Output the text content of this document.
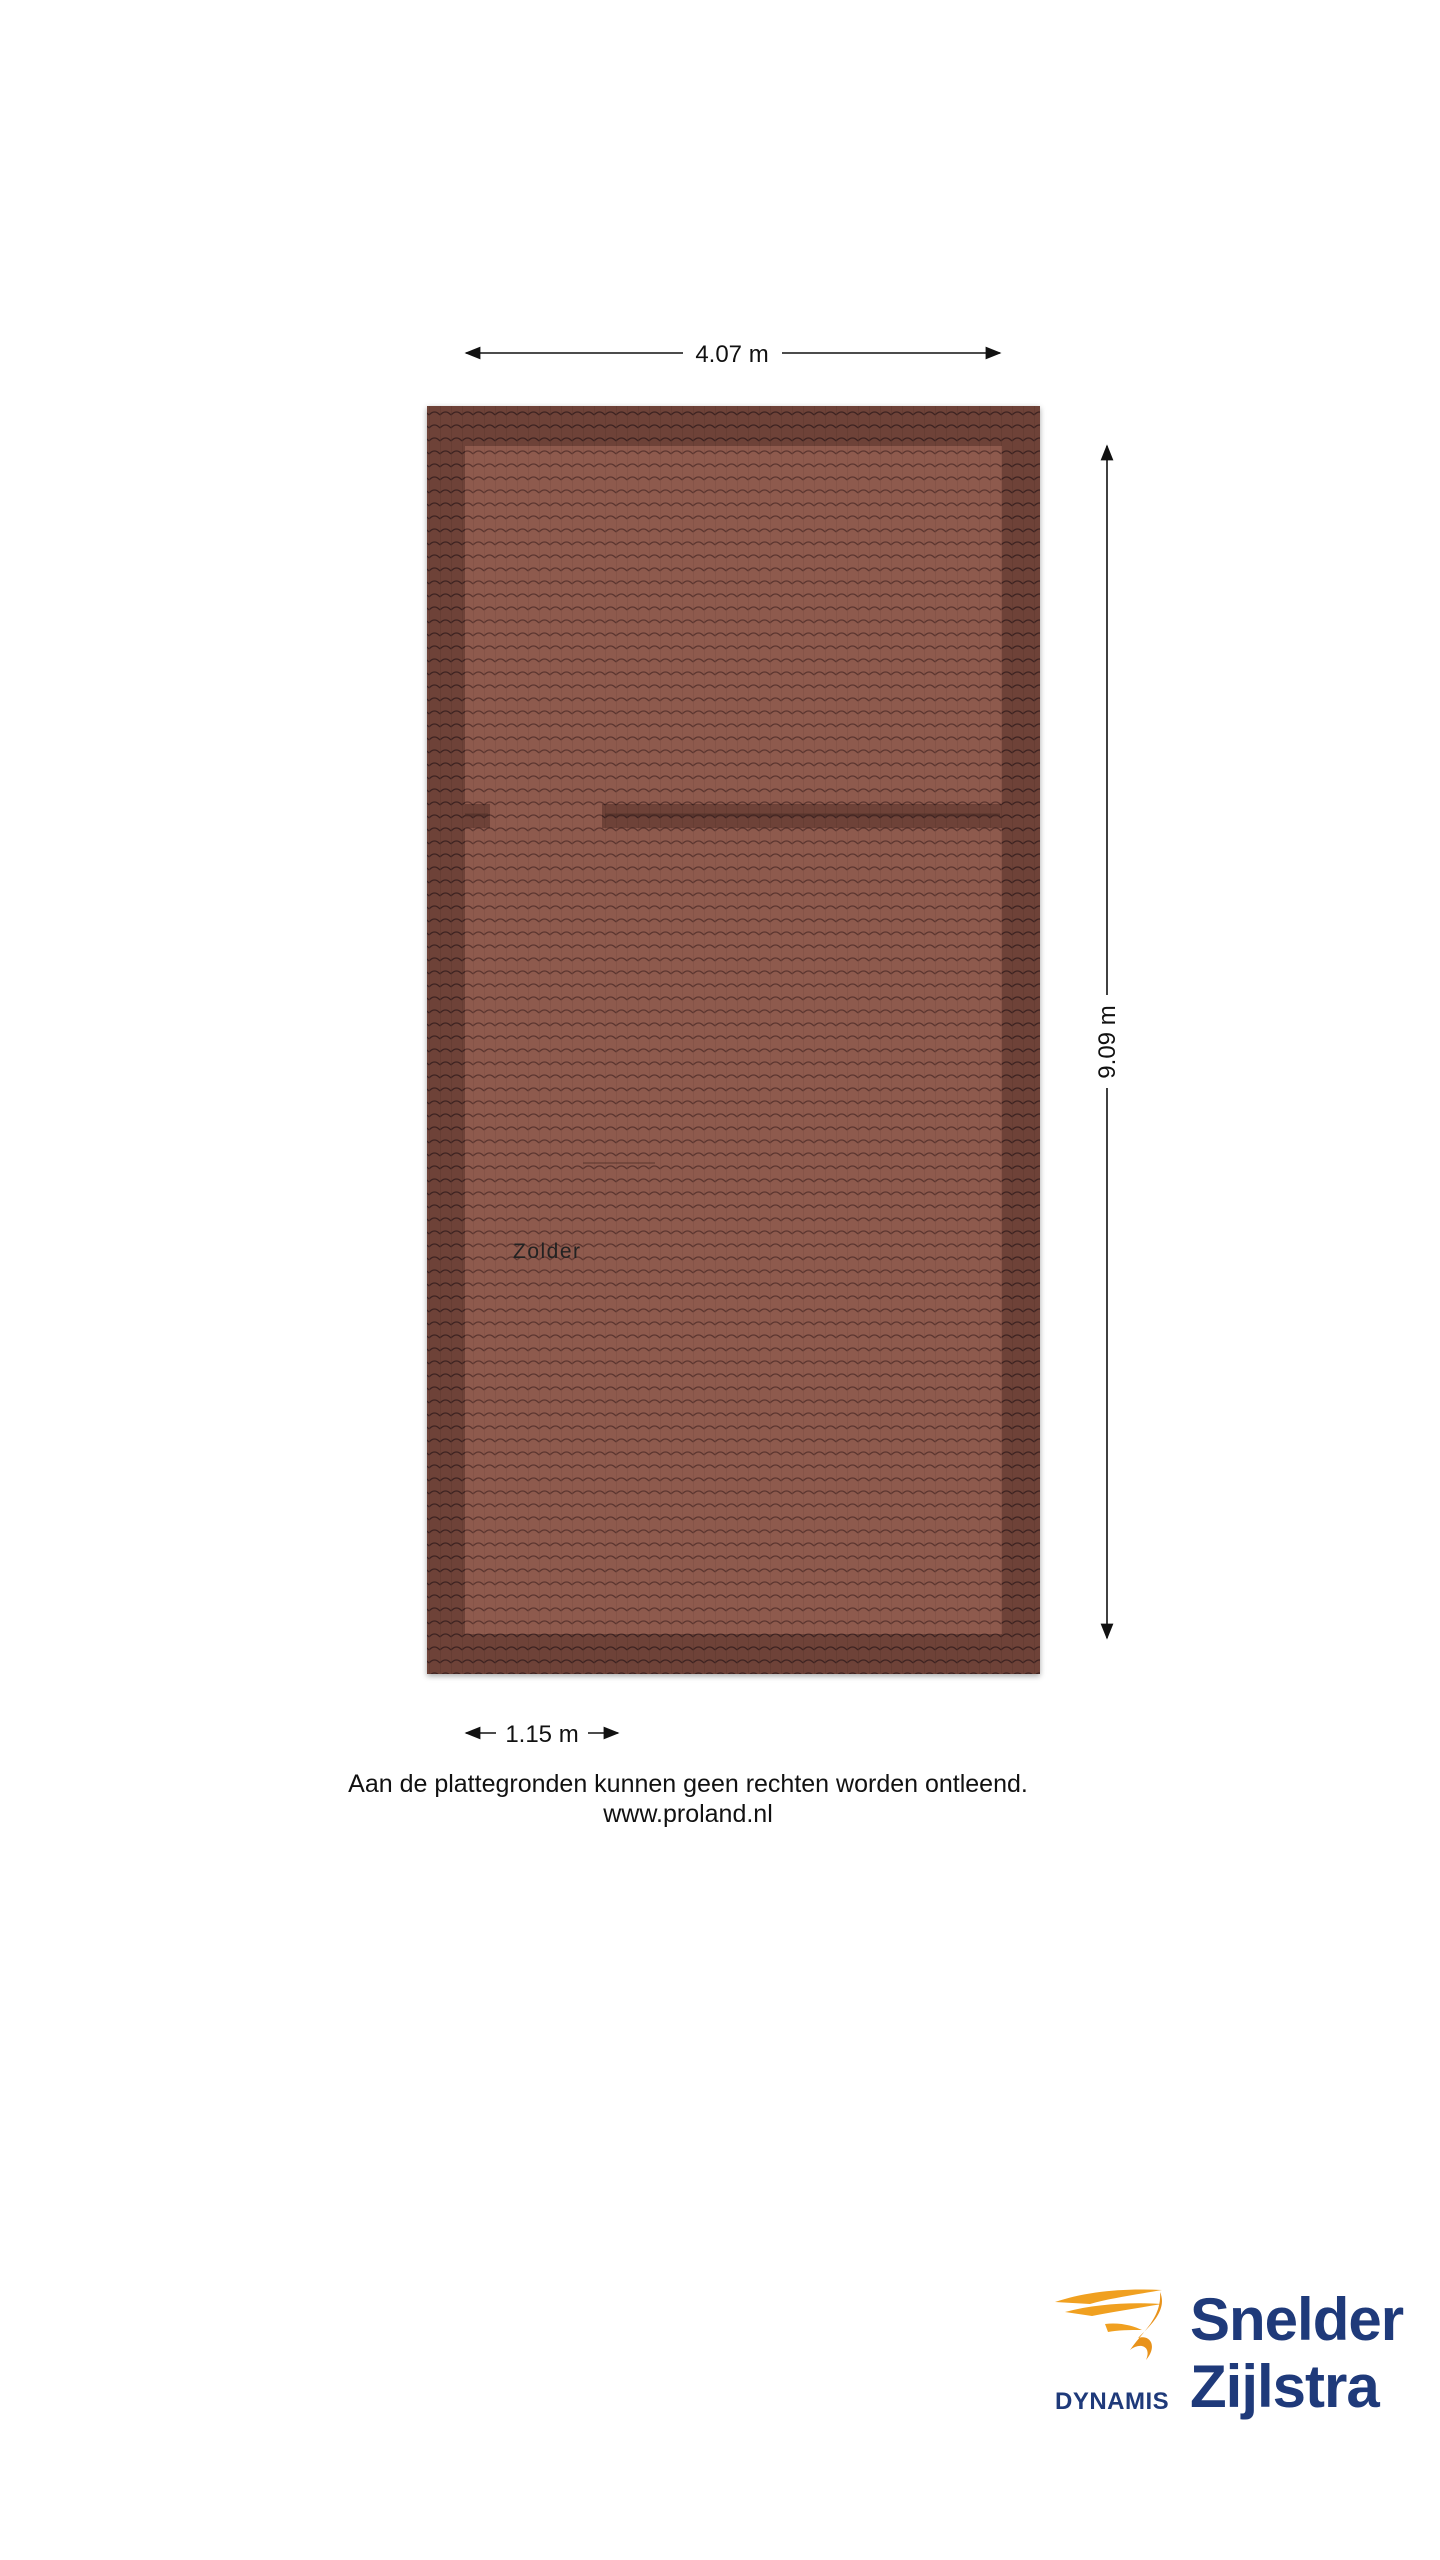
Zolder
4.07 m
9.09 m
1.15 m
Aan de plattegronden kunnen geen rechten worden ontleend.
www.proland.nl
DYNAMIS
Snelder
Zijlstra
